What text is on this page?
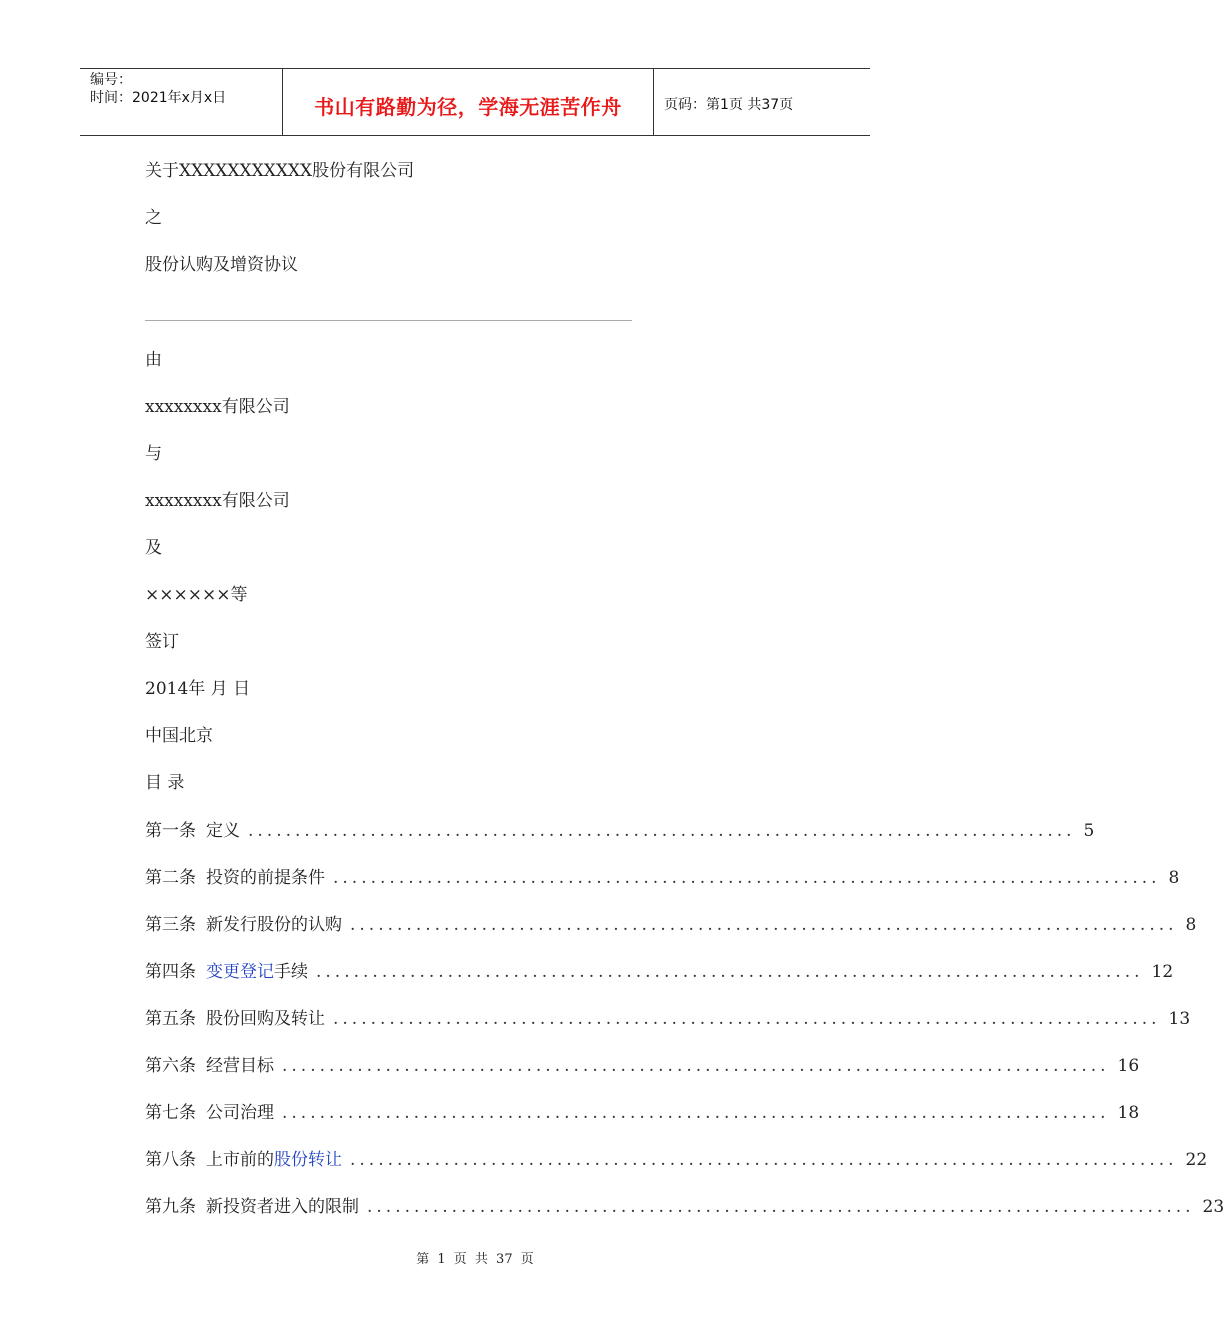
编号：
时间：2021年x月x日	书山有路勤为径，学海无涯苦作舟	页码：第1页 共37页
关于XXXXXXXXXXX股份有限公司
之
股份认购及增资协议
由
xxxxxxxx有限公司
与
xxxxxxxx有限公司
及
××××××等
签订
2014年 月 日
中国北京
目 录
第一条 定义 ........................................................................................ 5
第二条 投资的前提条件 ........................................................................................ 8
第三条 新发行股份的认购 ........................................................................................ 8
第四条 变更登记 手续 ........................................................................................ 12
第五条 股份回购及转让 ........................................................................................ 13
第六条 经营目标 ........................................................................................ 16
第七条 公司治理 ........................................................................................ 18
第八条 上市前的 股份转让 ........................................................................................ 22
第九条 新投资者进入的限制 ........................................................................................ 23
第 1 页 共 37 页
